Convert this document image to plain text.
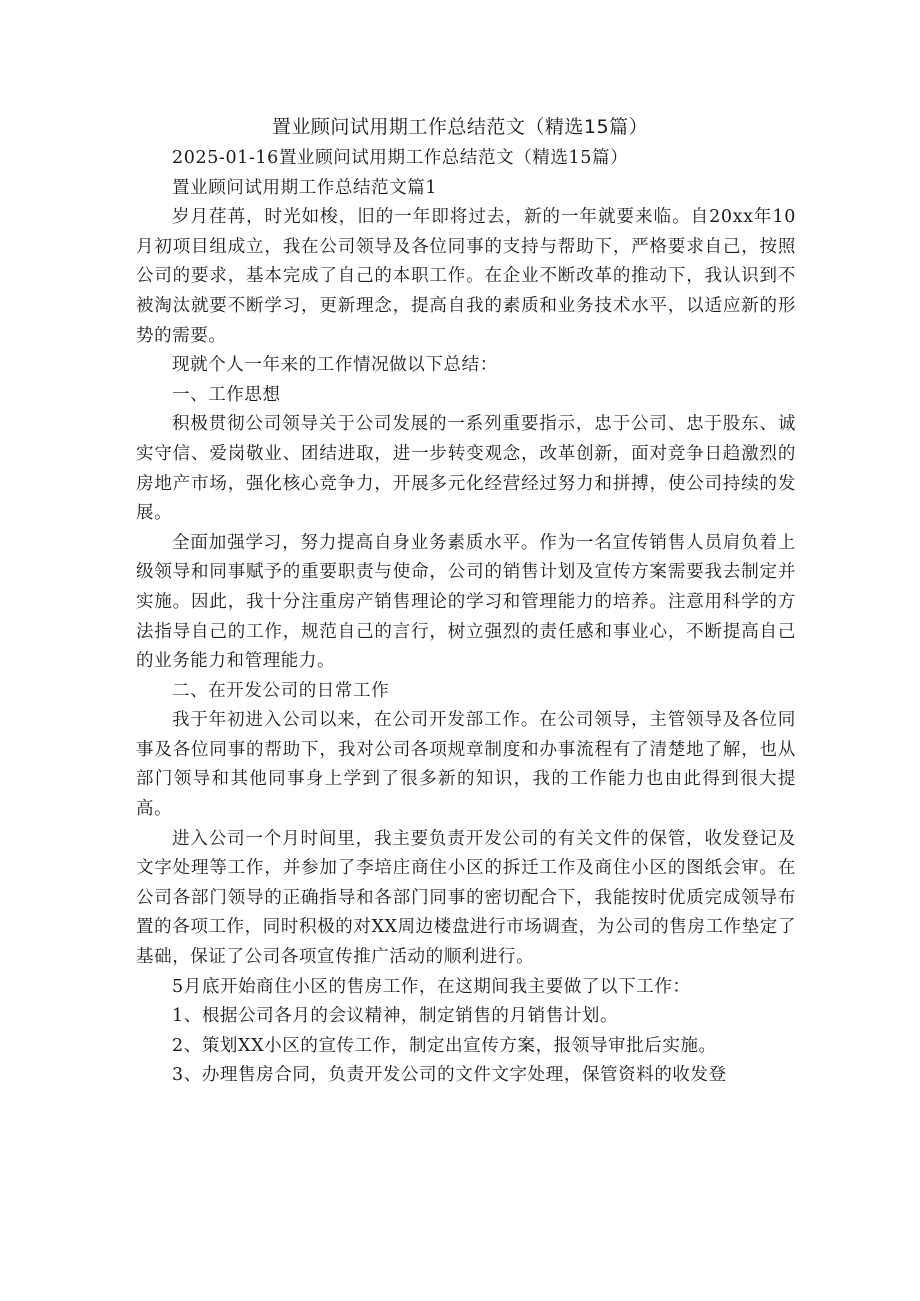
置业顾问试用期工作总结范文（精选15篇）

2025-01-16置业顾问试用期工作总结范文（精选15篇）

置业顾问试用期工作总结范文篇1

岁月荏苒，时光如梭，旧的一年即将过去，新的一年就要来临。自20xx年10月初项目组成立，我在公司领导及各位同事的支持与帮助下，严格要求自己，按照公司的要求，基本完成了自己的本职工作。在企业不断改革的推动下，我认识到不被淘汰就要不断学习，更新理念，提高自我的素质和业务技术水平，以适应新的形势的需要。

现就个人一年来的工作情况做以下总结：

一、工作思想

积极贯彻公司领导关于公司发展的一系列重要指示，忠于公司、忠于股东、诚实守信、爱岗敬业、团结进取，进一步转变观念，改革创新，面对竞争日趋激烈的房地产市场，强化核心竞争力，开展多元化经营经过努力和拼搏，使公司持续的发展。

全面加强学习，努力提高自身业务素质水平。作为一名宣传销售人员肩负着上级领导和同事赋予的重要职责与使命，公司的销售计划及宣传方案需要我去制定并实施。因此，我十分注重房产销售理论的学习和管理能力的培养。注意用科学的方法指导自己的工作，规范自己的言行，树立强烈的责任感和事业心，不断提高自己的业务能力和管理能力。

二、在开发公司的日常工作

我于年初进入公司以来，在公司开发部工作。在公司领导，主管领导及各位同事及各位同事的帮助下，我对公司各项规章制度和办事流程有了清楚地了解，也从部门领导和其他同事身上学到了很多新的知识，我的工作能力也由此得到很大提高。

进入公司一个月时间里，我主要负责开发公司的有关文件的保管，收发登记及文字处理等工作，并参加了李培庄商住小区的拆迁工作及商住小区的图纸会审。在公司各部门领导的正确指导和各部门同事的密切配合下，我能按时优质完成领导布置的各项工作，同时积极的对XX周边楼盘进行市场调查，为公司的售房工作垫定了基础，保证了公司各项宣传推广活动的顺利进行。

5月底开始商住小区的售房工作，在这期间我主要做了以下工作：

1、根据公司各月的会议精神，制定销售的月销售计划。

2、策划XX小区的宣传工作，制定出宣传方案，报领导审批后实施。

3、办理售房合同，负责开发公司的文件文字处理，保管资料的收发登
